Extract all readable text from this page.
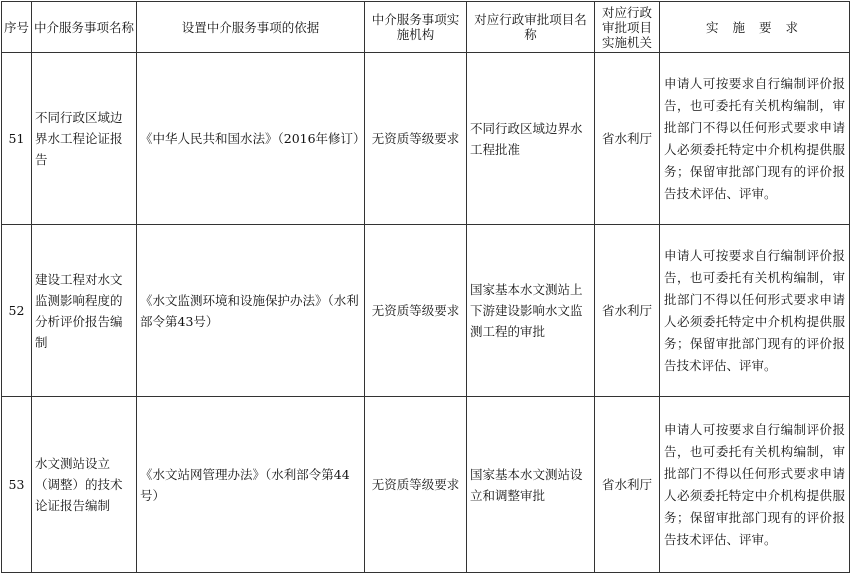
序号	中介服务事项名称	设置中介服务事项的依据	中介服务事项实施机构	对应行政审批项目名称	对应行政审批项目实施机关	实 施 要 求
51	不同行政区域边界水工程论证报告	《中华人民共和国水法》（2016年修订）	无资质等级要求	不同行政区域边界水工程批准	省水利厅	申请人可按要求自行编制评价报告，也可委托有关机构编制，审批部门不得以任何形式要求申请人必须委托特定中介机构提供服务；保留审批部门现有的评价报告技术评估、评审。
52	建设工程对水文监测影响程度的分析评价报告编制	《水文监测环境和设施保护办法》（水利部令第43号）	无资质等级要求	国家基本水文测站上下游建设影响水文监测工程的审批	省水利厅	申请人可按要求自行编制评价报告，也可委托有关机构编制，审批部门不得以任何形式要求申请人必须委托特定中介机构提供服务；保留审批部门现有的评价报告技术评估、评审。
53	水文测站设立（调整）的技术论证报告编制	《水文站网管理办法》（水利部令第44号）	无资质等级要求	国家基本水文测站设立和调整审批	省水利厅	申请人可按要求自行编制评价报告，也可委托有关机构编制，审批部门不得以任何形式要求申请人必须委托特定中介机构提供服务；保留审批部门现有的评价报告技术评估、评审。
